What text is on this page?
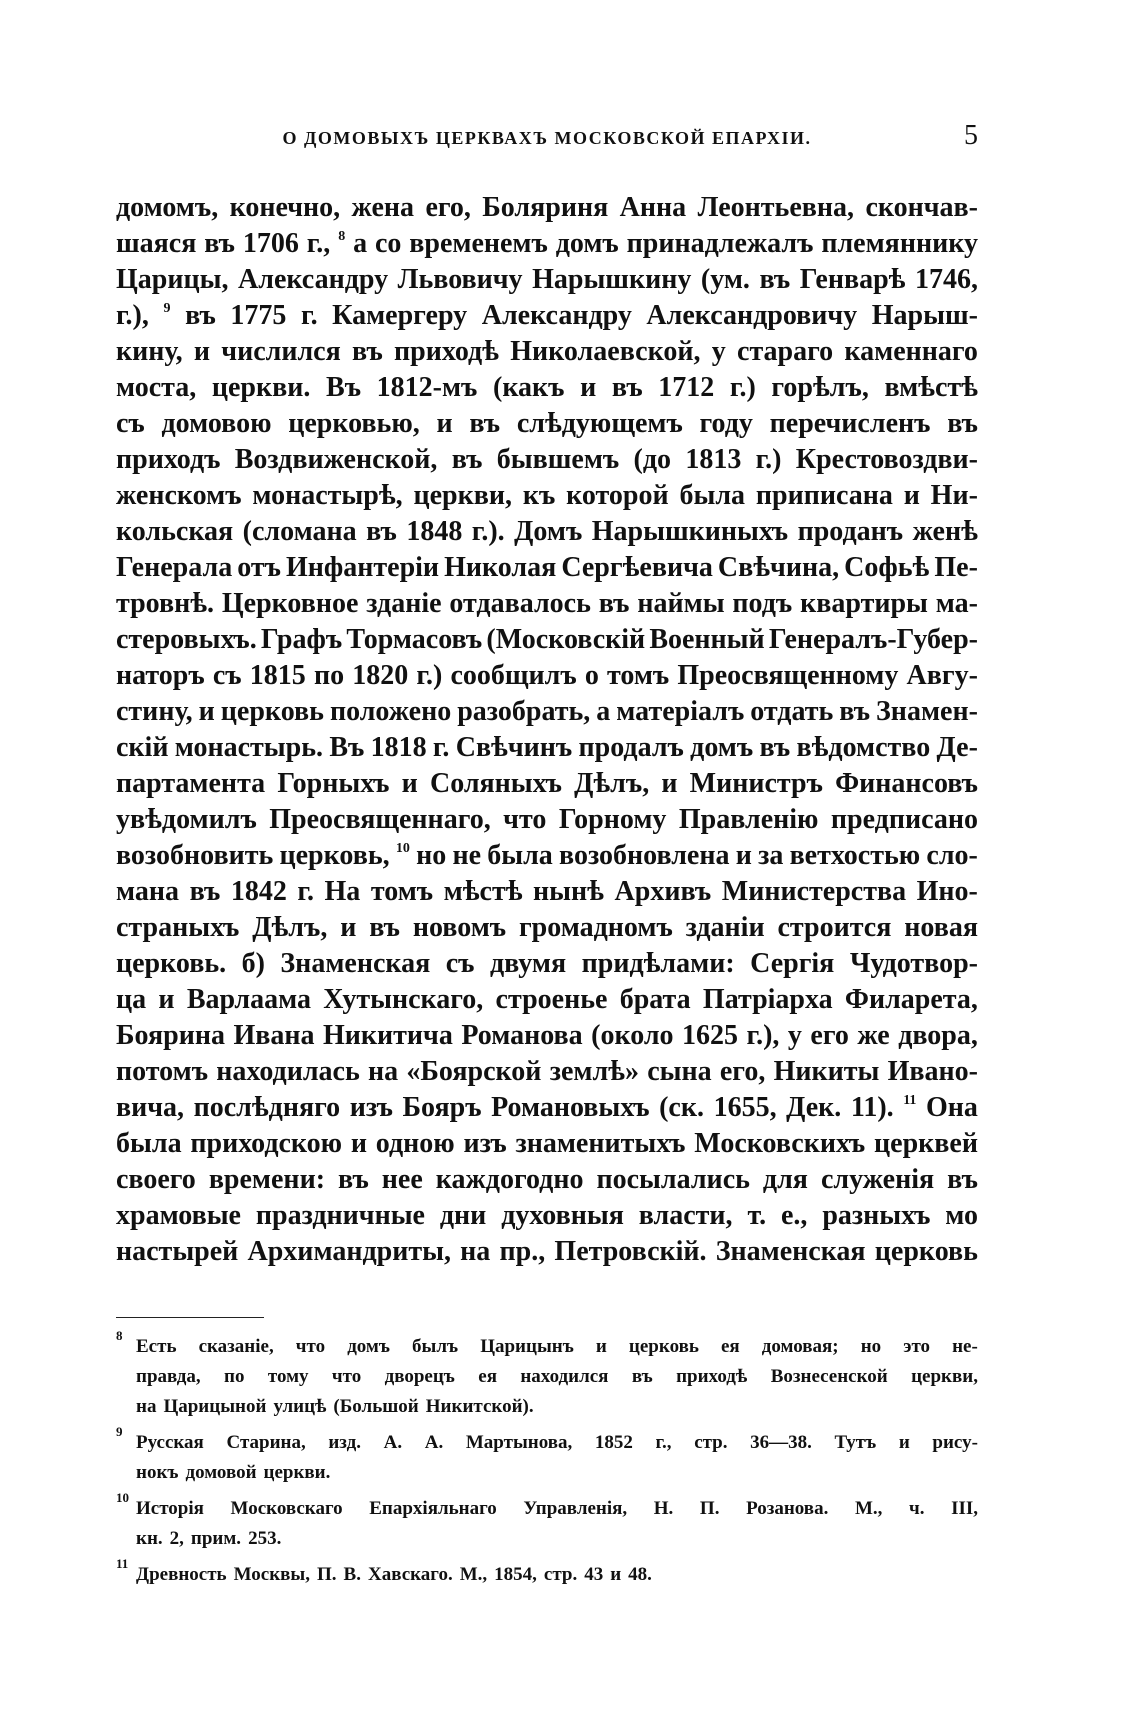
О ДОМОВЫХЪ ЦЕРКВАХЪ МОСКОВСКОЙ ЕПАРХІИ.	5
домомъ, конечно, жена его, Боляриня Анна Леонтьевна, скончав-
шаяся въ 1706 г., $^8$ а со временемъ домъ принадлежалъ племяннику
Царицы, Александру Львовичу Нарышкину (ум. въ Генварѣ 1746,
г.), $^9$ въ 1775 г. Камергеру Александру Александровичу Нарыш-
кину, и числился въ приходѣ Николаевской, у стараго каменнаго
моста, церкви. Въ 1812-мъ (какъ и въ 1712 г.) горѣлъ, вмѣстѣ
съ домовою церковью, и въ слѣдующемъ году перечисленъ въ
приходъ Воздвиженской, въ бывшемъ (до 1813 г.) Крестовоздви-
женскомъ монастырѣ, церкви, къ которой была приписана и Ни-
кольская (сломана въ 1848 г.). Домъ Нарышкиныхъ проданъ женѣ
Генерала отъ Инфантеріи Николая Сергѣевича Свѣчина, Софьѣ Пе-
тровнѣ. Церковное зданіе отдавалось въ наймы подъ квартиры ма-
стеровыхъ. Графъ Тормасовъ (Московскій Военный Генералъ-Губер-
наторъ съ 1815 по 1820 г.) сообщилъ о томъ Преосвященному Авгу-
стину, и церковь положено разобрать, а матеріалъ отдать въ Знамен-
скій монастырь. Въ 1818 г. Свѣчинъ продалъ домъ въ вѣдомство Де-
партамента Горныхъ и Соляныхъ Дѣлъ, и Министръ Финансовъ
увѣдомилъ Преосвященнаго, что Горному Правленію предписано
возобновить церковь, $^{10}$ но не была возобновлена и за ветхостью сло-
мана въ 1842 г. На томъ мѣстѣ нынѣ Архивъ Министерства Ино-
страныхъ Дѣлъ, и въ новомъ громадномъ зданіи строится новая
церковь. б) Знаменская съ двумя придѣлами: Сергія Чудотвор-
ца и Варлаама Хутынскаго, строенье брата Патріарха Филарета,
Боярина Ивана Никитича Романова (около 1625 г.), у его же двора,
потомъ находилась на «Боярской землѣ» сына его, Никиты Ивано-
вича, послѣдняго изъ Бояръ Романовыхъ (ск. 1655, Дек. 11). $^{11}$ Она
была приходскою и одною изъ знаменитыхъ Московскихъ церквей
своего времени: въ нее каждогодно посылались для служенія въ
храмовые праздничные дни духовныя власти, т. е., разныхъ мо
настырей Архимандриты, на пр., Петровскій. Знаменская церковь
8
Есть сказаніе, что домъ былъ Царицынъ и церковь ея домовая; но это не-
правда, по тому что дворецъ ея находился въ приходѣ Вознесенской церкви,
на Царицыной улицѣ (Большой Никитской).
9
Русская Старина, изд. А. А. Мартынова, 1852 г., стр. 36—38. Тутъ и рису-
нокъ домовой церкви.
10
Исторія Московскаго Епархіяльнаго Управленія, Н. П. Розанова. М., ч. III,
кн. 2, прим. 253.
11
Древность Москвы, П. В. Хавскаго. М., 1854, стр. 43 и 48.
